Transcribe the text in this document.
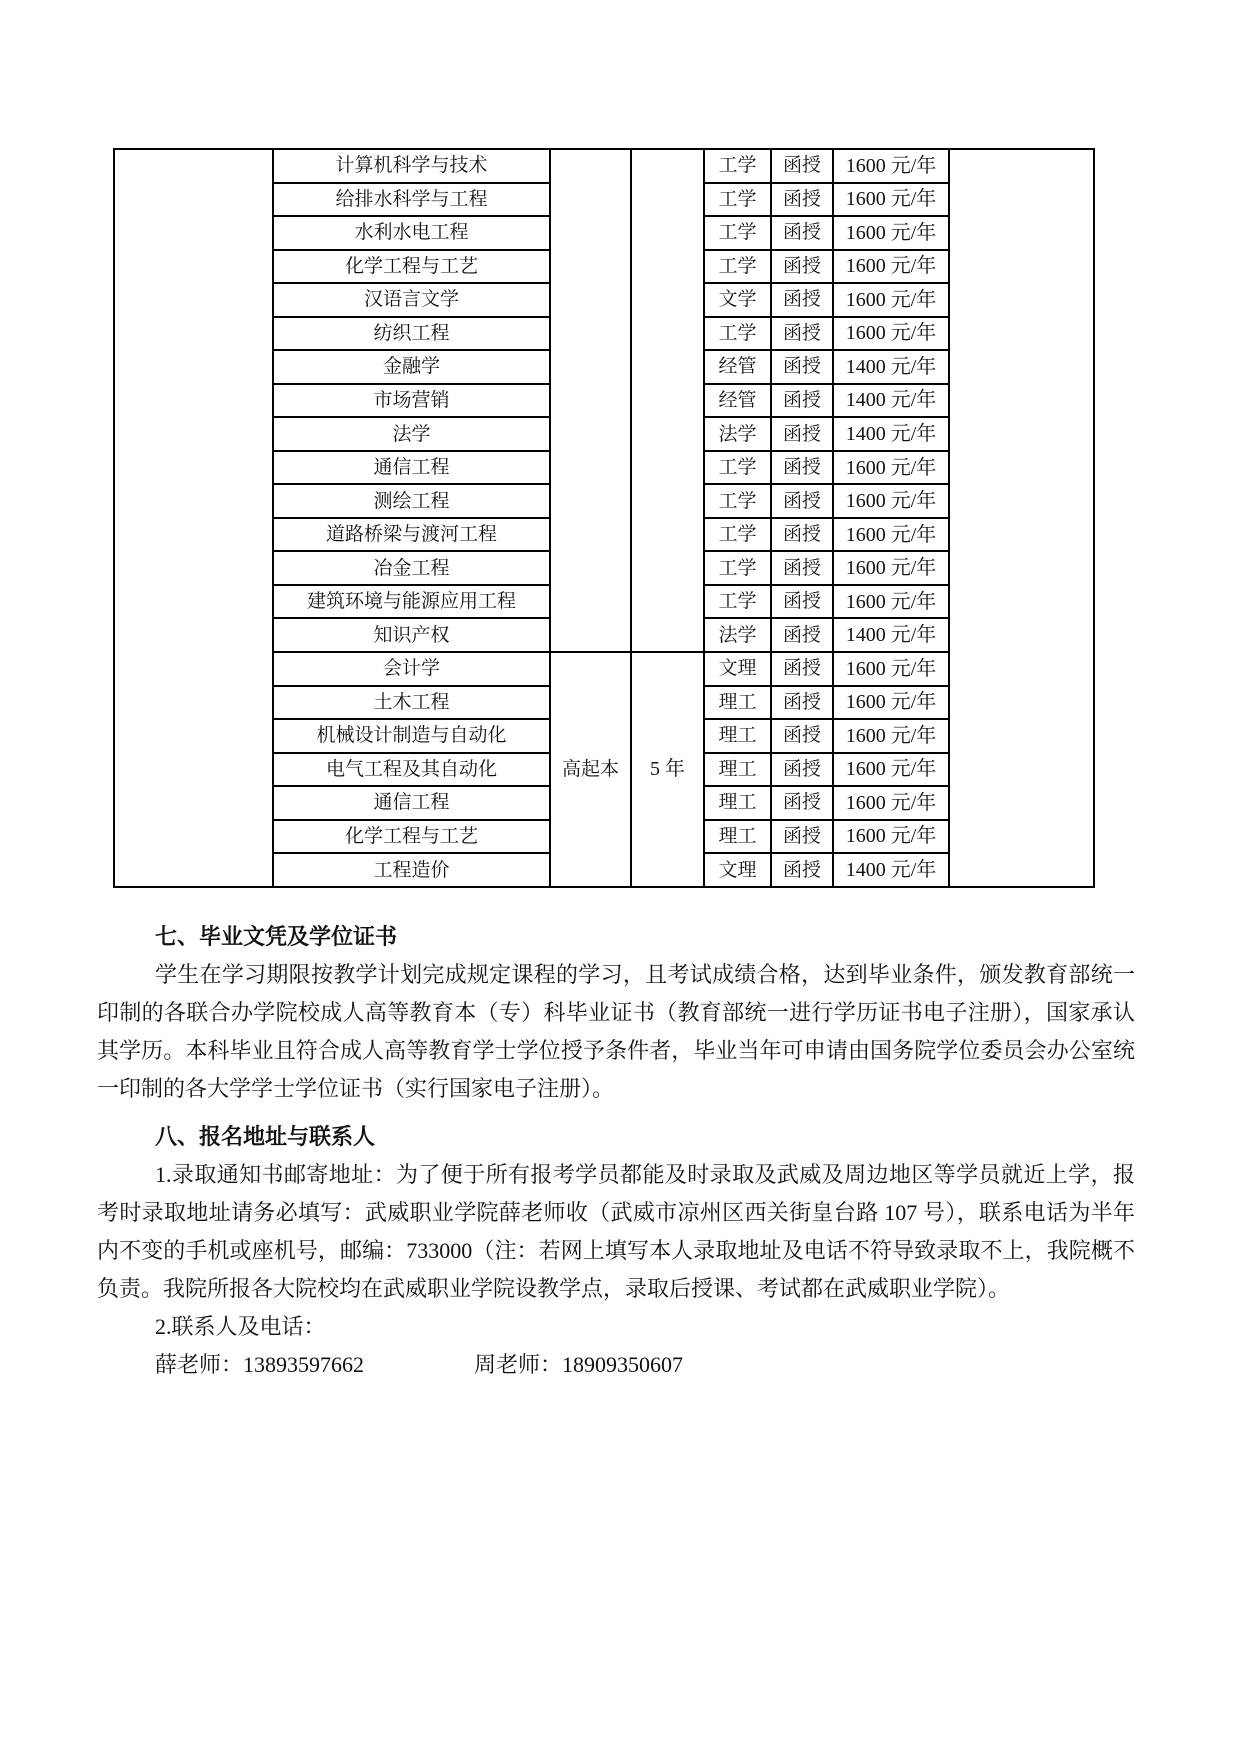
	计算机科学与技术			工学	函授	1600 元/年	
	给排水科学与工程			工学	函授	1600 元/年	
	水利水电工程			工学	函授	1600 元/年	
	化学工程与工艺			工学	函授	1600 元/年	
	汉语言文学			文学	函授	1600 元/年	
	纺织工程			工学	函授	1600 元/年	
	金融学			经管	函授	1400 元/年	
	市场营销			经管	函授	1400 元/年	
	法学			法学	函授	1400 元/年	
	通信工程			工学	函授	1600 元/年	
	测绘工程			工学	函授	1600 元/年	
	道路桥梁与渡河工程			工学	函授	1600 元/年	
	冶金工程			工学	函授	1600 元/年	
	建筑环境与能源应用工程			工学	函授	1600 元/年	
	知识产权			法学	函授	1400 元/年	
	会计学	高起本	5 年	文理	函授	1600 元/年	
	土木工程			理工	函授	1600 元/年	
	机械设计制造与自动化			理工	函授	1600 元/年	
	电气工程及其自动化			理工	函授	1600 元/年	
	通信工程			理工	函授	1600 元/年	
	化学工程与工艺			理工	函授	1600 元/年	
	工程造价			文理	函授	1400 元/年	
七、毕业文凭及学位证书

学生在学习期限按教学计划完成规定课程的学习，且考试成绩合格，达到毕业条件，颁发教育部统一印制的各联合办学院校成人高等教育本（专）科毕业证书（教育部统一进行学历证书电子注册），国家承认其学历。本科毕业且符合成人高等教育学士学位授予条件者，毕业当年可申请由国务院学位委员会办公室统一印制的各大学学士学位证书（实行国家电子注册）。

八、报名地址与联系人

1.录取通知书邮寄地址：为了便于所有报考学员都能及时录取及武威及周边地区等学员就近上学，报考时录取地址请务必填写：武威职业学院薛老师收（武威市凉州区西关街皇台路 107 号），联系电话为半年内不变的手机或座机号，邮编：733000（注：若网上填写本人录取地址及电话不符导致录取不上，我院概不负责。我院所报各大院校均在武威职业学院设教学点，录取后授课、考试都在武威职业学院）。

2.联系人及电话：
薛老师：13893597662	周老师：18909350607
